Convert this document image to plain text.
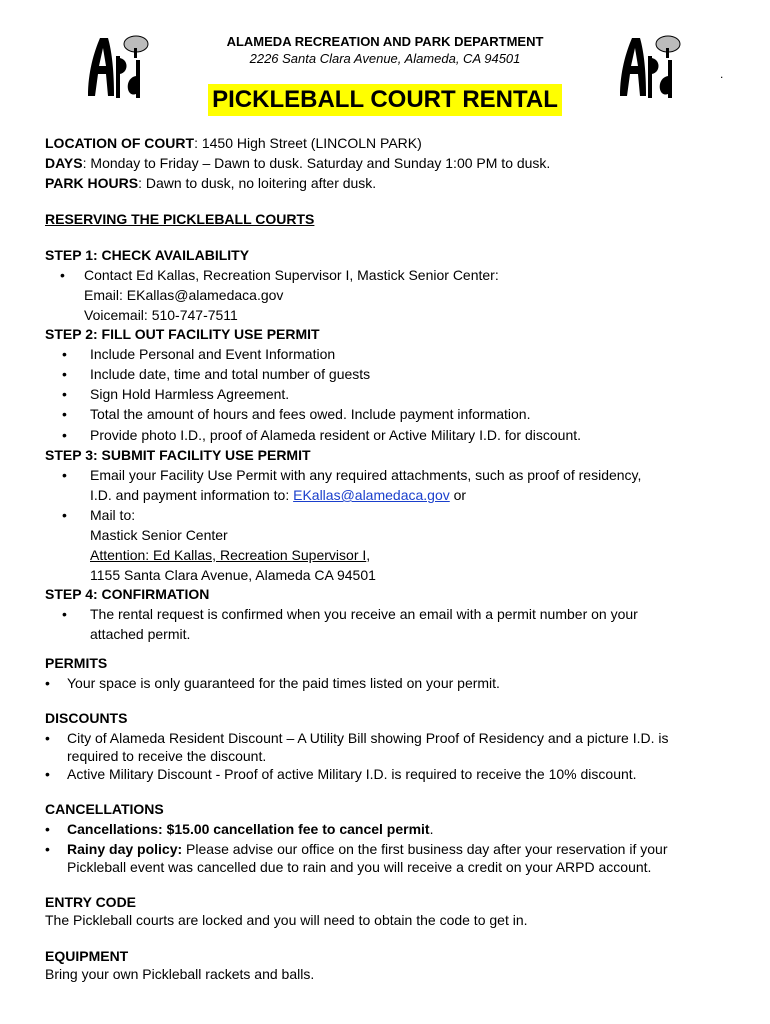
.
ALAMEDA RECREATION AND PARK DEPARTMENT
2226 Santa Clara Avenue, Alameda, CA 94501
PICKLEBALL COURT RENTAL
LOCATION OF COURT: 1450 High Street (LINCOLN PARK)
DAYS: Monday to Friday – Dawn to dusk. Saturday and Sunday 1:00 PM to dusk.
PARK HOURS: Dawn to dusk, no loitering after dusk.
RESERVING THE PICKLEBALL COURTS
STEP 1: CHECK AVAILABILITY
• Contact Ed Kallas, Recreation Supervisor I, Mastick Senior Center:
Email: EKallas@alamedaca.gov
Voicemail: 510-747-7511
STEP 2: FILL OUT FACILITY USE PERMIT
• Include Personal and Event Information
• Include date, time and total number of guests
• Sign Hold Harmless Agreement.
• Total the amount of hours and fees owed. Include payment information.
• Provide photo I.D., proof of Alameda resident or Active Military I.D. for discount.
STEP 3: SUBMIT FACILITY USE PERMIT
• Email your Facility Use Permit with any required attachments, such as proof of residency,
I.D. and payment information to: EKallas@alamedaca.gov or
• Mail to:
Mastick Senior Center
Attention: Ed Kallas, Recreation Supervisor I,
1155 Santa Clara Avenue, Alameda CA 94501
STEP 4: CONFIRMATION
• The rental request is confirmed when you receive an email with a permit number on your
attached permit.
PERMITS
• Your space is only guaranteed for the paid times listed on your permit.
DISCOUNTS
• City of Alameda Resident Discount – A Utility Bill showing Proof of Residency and a picture I.D. is
required to receive the discount.
• Active Military Discount - Proof of active Military I.D. is required to receive the 10% discount.
CANCELLATIONS
• Cancellations: $15.00 cancellation fee to cancel permit.
• Rainy day policy: Please advise our office on the first business day after your reservation if your
Pickleball event was cancelled due to rain and you will receive a credit on your ARPD account.
ENTRY CODE
The Pickleball courts are locked and you will need to obtain the code to get in.
EQUIPMENT
Bring your own Pickleball rackets and balls.
